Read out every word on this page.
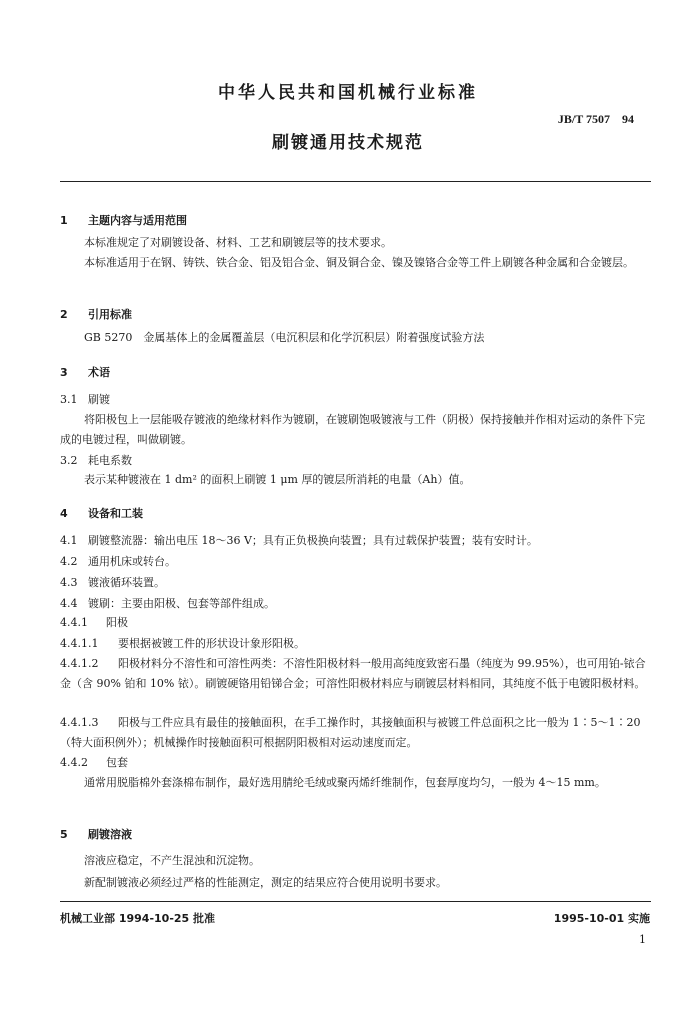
中华人民共和国机械行业标准
JB/T 7507　94
刷镀通用技术规范
1 主题内容与适用范围
本标准规定了对刷镀设备、材料、工艺和刷镀层等的技术要求。
本标准适用于在钢、铸铁、铁合金、铝及铝合金、铜及铜合金、镍及镍铬合金等工件上刷镀各种金属和合金镀层。
2 引用标准
GB 5270　金属基体上的金属覆盖层（电沉积层和化学沉积层）附着强度试验方法
3 术语
3.1 刷镀
将阳极包上一层能吸存镀液的绝缘材料作为镀刷，在镀刷饱吸镀液与工件（阴极）保持接触并作相对运动的条件下完成的电镀过程，叫做刷镀。
3.2 耗电系数
表示某种镀液在 1 dm² 的面积上刷镀 1 μm 厚的镀层所消耗的电量（Ah）值。
4 设备和工装
4.1 刷镀整流器：输出电压 18～36 V；具有正负极换向装置；具有过载保护装置；装有安时计。
4.2 通用机床或转台。
4.3 镀液循环装置。
4.4 镀刷：主要由阳极、包套等部件组成。
4.4.1 阳极
4.4.1.1 要根据被镀工件的形状设计象形阳极。
4.4.1.2 阳极材料分不溶性和可溶性两类：不溶性阳极材料一般用高纯度致密石墨（纯度为 99.95%），也可用铂-铱合金（含 90% 铂和 10% 铱）。刷镀硬铬用铅锑合金；可溶性阳极材料应与刷镀层材料相同，其纯度不低于电镀阳极材料。
4.4.1.3 阳极与工件应具有最佳的接触面积，在手工操作时，其接触面积与被镀工件总面积之比一般为 1∶5～1∶20（特大面积例外）；机械操作时接触面积可根据阴阳极相对运动速度而定。
4.4.2 包套
通常用脱脂棉外套涤棉布制作，最好选用腈纶毛绒或聚丙烯纤维制作，包套厚度均匀，一般为 4～15 mm。
5 刷镀溶液
溶液应稳定，不产生混浊和沉淀物。
新配制镀液必须经过严格的性能测定，测定的结果应符合使用说明书要求。
机械工业部 1994-10-25 批准	1995-10-01 实施
1
